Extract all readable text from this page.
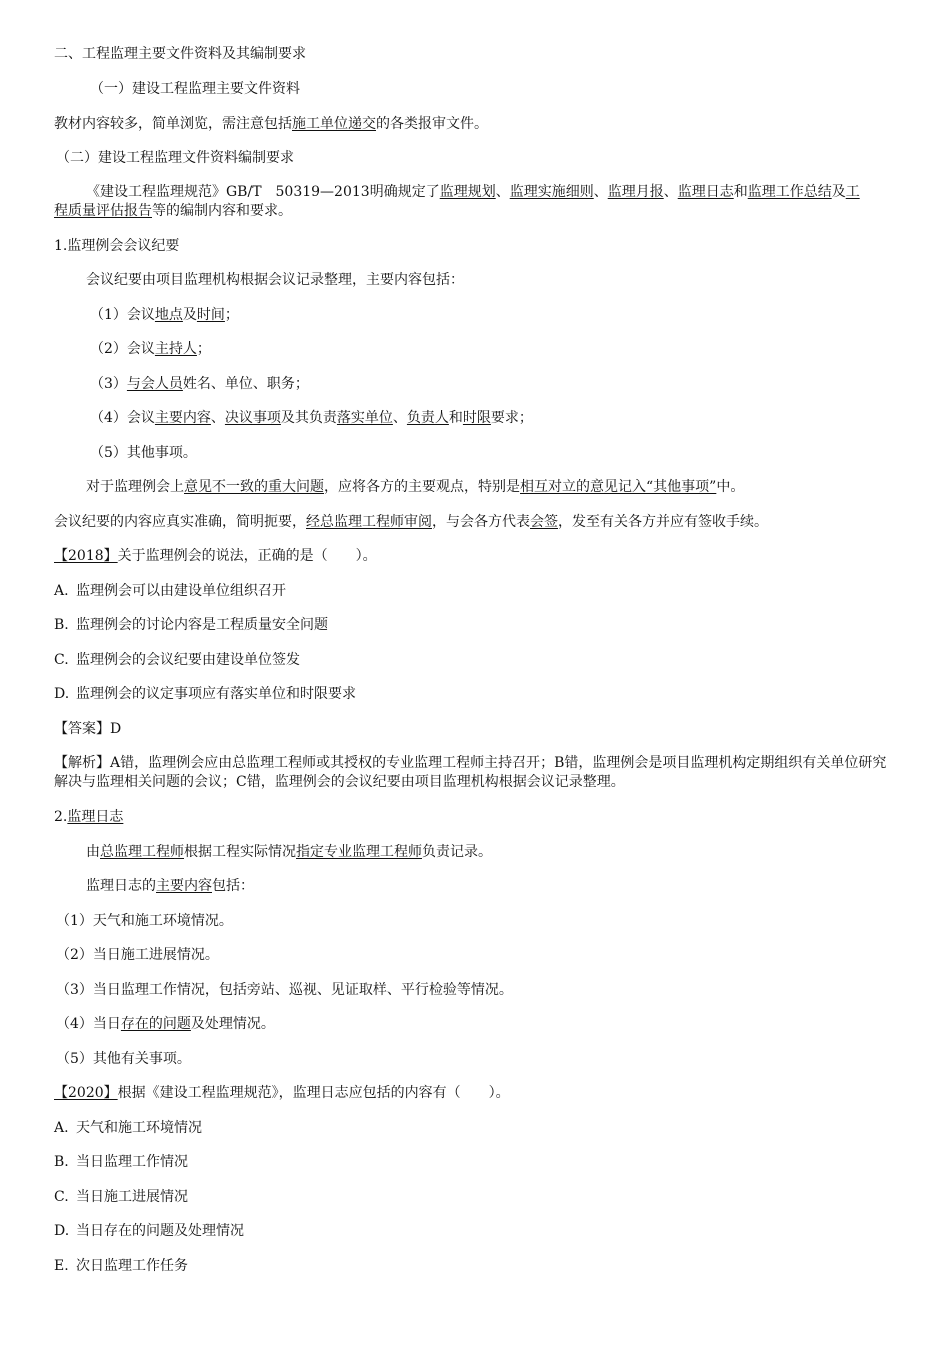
二、工程监理主要文件资料及其编制要求
（一）建设工程监理主要文件资料
教材内容较多，简单浏览，需注意包括施工单位递交的各类报审文件。
（二）建设工程监理文件资料编制要求
《建设工程监理规范》GB/T　50319—2013明确规定了监理规划、监理实施细则、监理月报、监理日志和监理工作总结及工程质量评估报告等的编制内容和要求。
1.监理例会会议纪要
会议纪要由项目监理机构根据会议记录整理，主要内容包括：
（1）会议地点及时间；
（2）会议主持人；
（3）与会人员姓名、单位、职务；
（4）会议主要内容、决议事项及其负责落实单位、负责人和时限要求；
（5）其他事项。
对于监理例会上意见不一致的重大问题，应将各方的主要观点，特别是相互对立的意见记入“其他事项”中。
会议纪要的内容应真实准确，简明扼要，经总监理工程师审阅，与会各方代表会签，发至有关各方并应有签收手续。
【2018】关于监理例会的说法，正确的是（　　）。
A. 监理例会可以由建设单位组织召开
B. 监理例会的讨论内容是工程质量安全问题
C. 监理例会的会议纪要由建设单位签发
D. 监理例会的议定事项应有落实单位和时限要求
【答案】D
【解析】A错，监理例会应由总监理工程师或其授权的专业监理工程师主持召开；B错，监理例会是项目监理机构定期组织有关单位研究解决与监理相关问题的会议；C错，监理例会的会议纪要由项目监理机构根据会议记录整理。
2.监理日志
由总监理工程师根据工程实际情况指定专业监理工程师负责记录。
监理日志的主要内容包括：
（1）天气和施工环境情况。
（2）当日施工进展情况。
（3）当日监理工作情况，包括旁站、巡视、见证取样、平行检验等情况。
（4）当日存在的问题及处理情况。
（5）其他有关事项。
【2020】根据《建设工程监理规范》，监理日志应包括的内容有（　　）。
A. 天气和施工环境情况
B. 当日监理工作情况
C. 当日施工进展情况
D. 当日存在的问题及处理情况
E. 次日监理工作任务
